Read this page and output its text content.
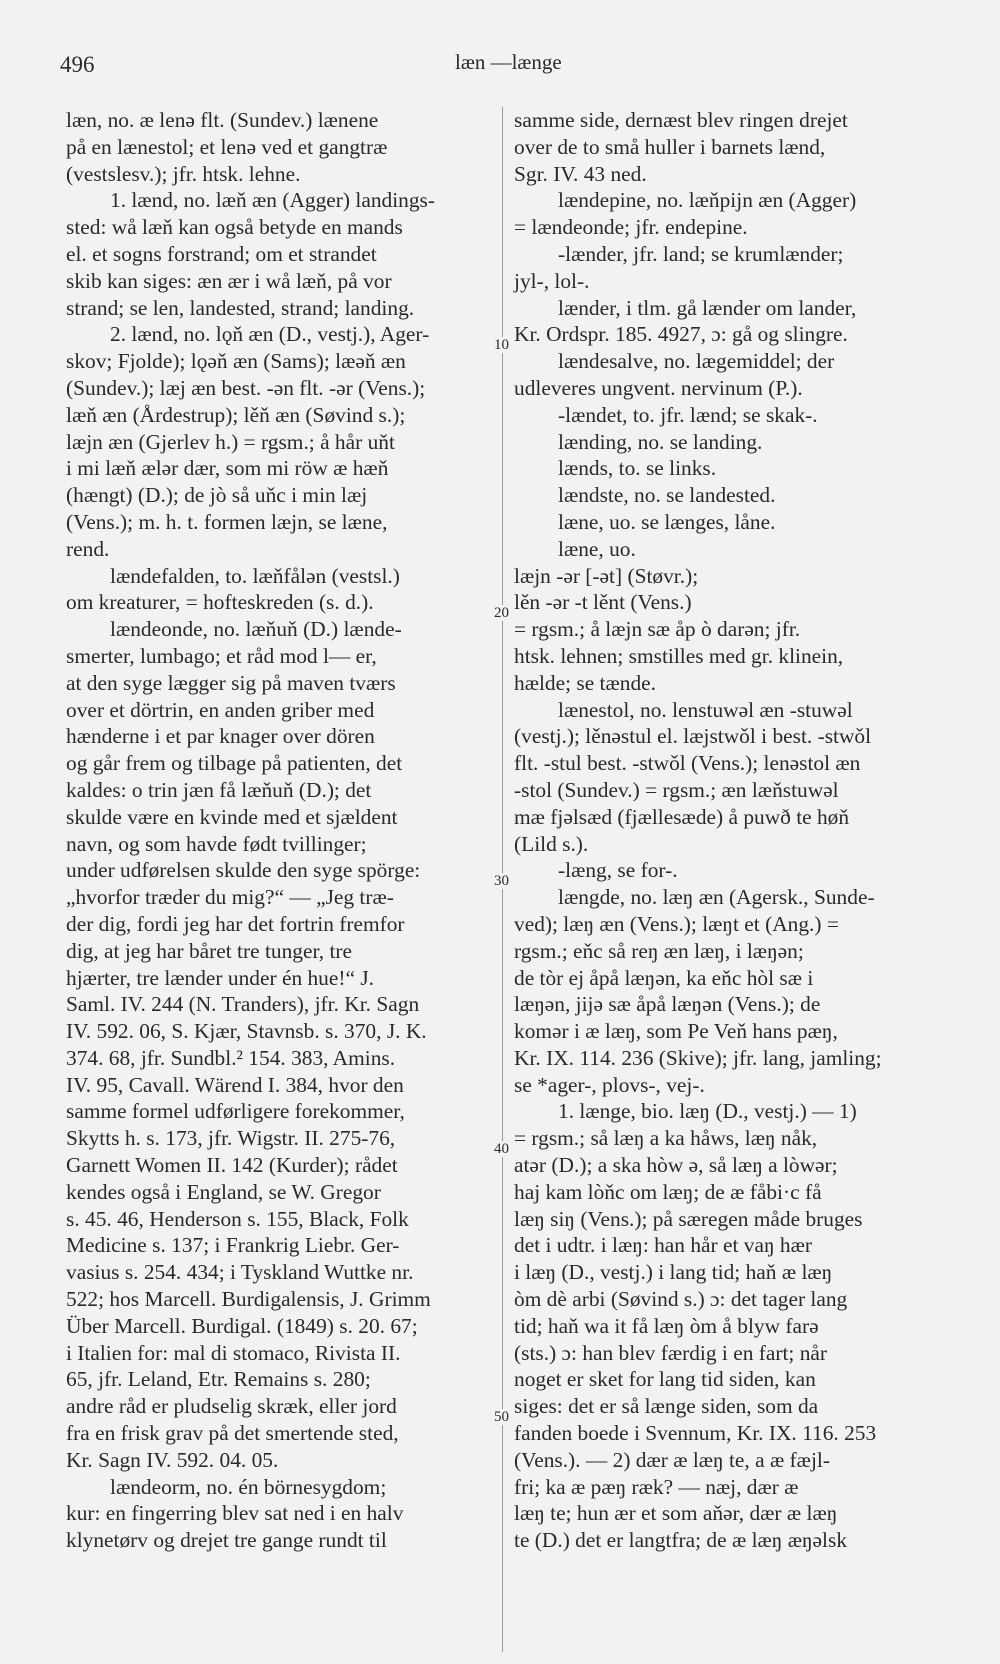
496	læn —længe
læn, no. æ lenə flt. (Sundev.) lænene
på en lænestol; et lenə ved et gangtræ
(vestslesv.); jfr. htsk. lehne.
1. lænd, no. læň æn (Agger) landings-
sted: wå læň kan også betyde en mands
el. et sogns forstrand; om et strandet
skib kan siges: æn ær i wå læň, på vor
strand; se len, landested, strand; landing.
2. lænd, no. lǫň æn (D., vestj.), Ager-
skov; Fjolde); lǫəň æn (Sams); læəň æn
(Sundev.); læj æn best. -ən flt. -ər (Vens.);
læň æn (Årdestrup); lěň æn (Søvind s.);
læjn æn (Gjerlev h.) = rgsm.; å hår uňt
i mi læň ælər dær, som mi röw æ hæň
(hængt) (D.); de jò så uňc i min læj
(Vens.); m. h. t. formen læjn, se læne,
rend.
lændefalden, to. læňfålən (vestsl.)
om kreaturer, = hofteskreden (s. d.).
lændeonde, no. læňuň (D.) lænde-
smerter, lumbago; et råd mod l— er,
at den syge lægger sig på maven tværs
over et dörtrin, en anden griber med
hænderne i et par knager over dören
og går frem og tilbage på patienten, det
kaldes: o trin jæn få læňuň (D.); det
skulde være en kvinde med et sjældent
navn, og som havde født tvillinger;
under udførelsen skulde den syge spörge:
„hvorfor træder du mig?“ — „Jeg træ-
der dig, fordi jeg har det fortrin fremfor
dig, at jeg har båret tre tunger, tre
hjærter, tre lænder under én hue!“ J.
Saml. IV. 244 (N. Tranders), jfr. Kr. Sagn
IV. 592. 06, S. Kjær, Stavnsb. s. 370, J. K.
374. 68, jfr. Sundbl.² 154. 383, Amins.
IV. 95, Cavall. Wärend I. 384, hvor den
samme formel udførligere forekommer,
Skytts h. s. 173, jfr. Wigstr. II. 275-76,
Garnett Women II. 142 (Kurder); rådet
kendes også i England, se W. Gregor
s. 45. 46, Henderson s. 155, Black, Folk
Medicine s. 137; i Frankrig Liebr. Ger-
vasius s. 254. 434; i Tyskland Wuttke nr.
522; hos Marcell. Burdigalensis, J. Grimm
Über Marcell. Burdigal. (1849) s. 20. 67;
i Italien for: mal di stomaco, Rivista II.
65, jfr. Leland, Etr. Remains s. 280;
andre råd er pludselig skræk, eller jord
fra en frisk grav på det smertende sted,
Kr. Sagn IV. 592. 04. 05.
lændeorm, no. én börnesygdom;
kur: en fingerring blev sat ned i en halv
klynetørv og drejet tre gange rundt til
samme side, dernæst blev ringen drejet
over de to små huller i barnets lænd,
Sgr. IV. 43 ned.
lændepine, no. læňpijn æn (Agger)
= lændeonde; jfr. endepine.
-lænder, jfr. land; se krumlænder;
jyl-, lol-.
lænder, i tlm. gå lænder om lander,
Kr. Ordspr. 185. 4927, ɔ: gå og slingre.
lændesalve, no. lægemiddel; der
udleveres ungvent. nervinum (P.).
-lændet, to. jfr. lænd; se skak-.
lænding, no. se landing.
lænds, to. se links.
lændste, no. se landested.
læne, uo. se længes, låne.
læne, uo.
læjn -ər [-ət] (Støvr.);
lěn -ər -t lěnt (Vens.)
= rgsm.; å læjn sæ åp ò darən; jfr.
htsk. lehnen; smstilles med gr. klinein,
hælde; se tænde.
lænestol, no. lenstuwəl æn -stuwəl
(vestj.); lěnəstul el. læjstwǒl i best. -stwǒl
flt. -stul best. -stwǒl (Vens.); lenəstol æn
-stol (Sundev.) = rgsm.; æn læňstuwəl
mæ fjəlsæd (fjællesæde) å puwð te høň
(Lild s.).
-læng, se for-.
længde, no. læŋ æn (Agersk., Sunde-
ved); læŋ æn (Vens.); læŋt et (Ang.) =
rgsm.; eňc så reŋ æn læŋ, i læŋən;
de tòr ej åpå læŋən, ka eňc hòl sæ i
læŋən, jijə sæ åpå læŋən (Vens.); de
komər i æ læŋ, som Pe Veň hans pæŋ,
Kr. IX. 114. 236 (Skive); jfr. lang, jamling;
se *ager-, plovs-, vej-.
1. længe, bio. læŋ (D., vestj.) — 1)
= rgsm.; så læŋ a ka håws, læŋ nåk,
atər (D.); a ska hòw ə, så læŋ a lòwər;
haj kam lòňc om læŋ; de æ fåbi·c få
læŋ siŋ (Vens.); på særegen måde bruges
det i udtr. i læŋ: han hår et vaŋ hær
i læŋ (D., vestj.) i lang tid; haň æ læŋ
òm dè arbi (Søvind s.) ɔ: det tager lang
tid; haň wa it få læŋ òm å blyw farə
(sts.) ɔ: han blev færdig i en fart; når
noget er sket for lang tid siden, kan
siges: det er så længe siden, som da
fanden boede i Svennum, Kr. IX. 116. 253
(Vens.). — 2) dær æ læŋ te, a æ fæjl-
fri; ka æ pæŋ ræk? — næj, dær æ
læŋ te; hun ær et som aňər, dær æ læŋ
te (D.) det er langtfra; de æ læŋ æŋəlsk
10
20
30
40
50
